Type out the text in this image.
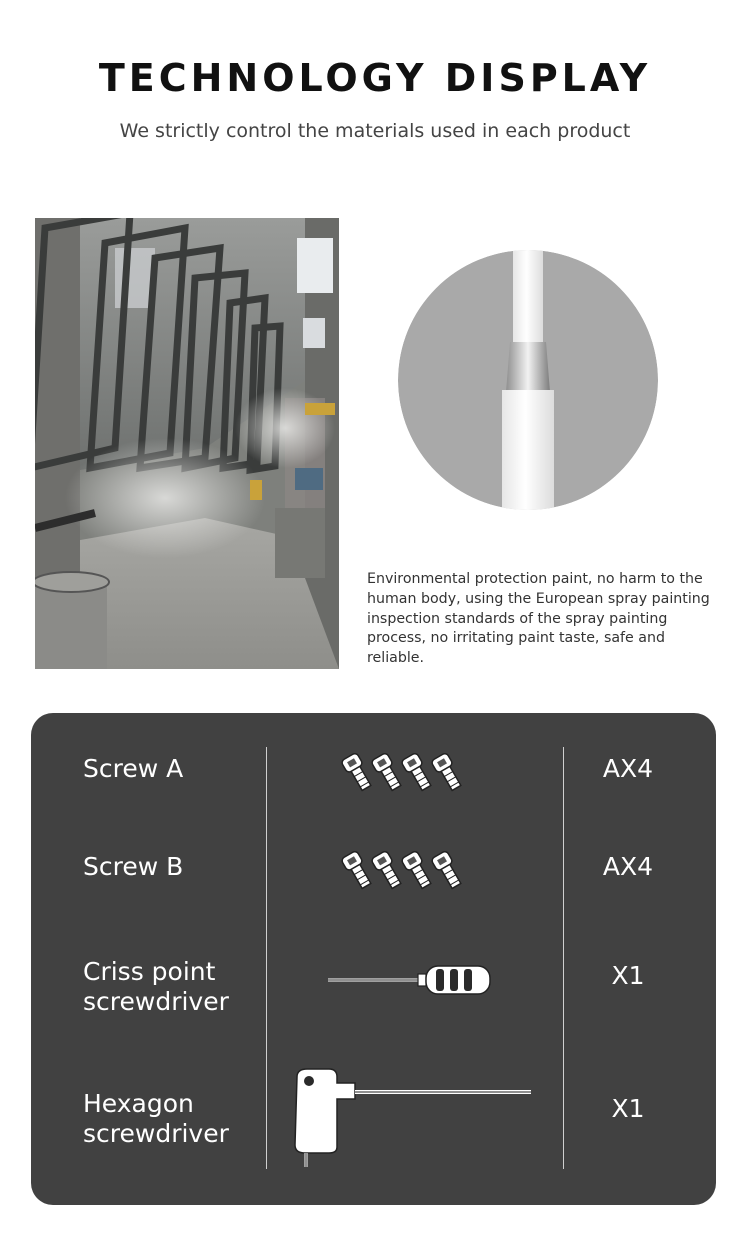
TECHNOLOGY DISPLAY
We strictly control the materials used in each product
Environmental protection paint, no harm to the human body, using the European spray painting inspection standards of the spray painting process, no irritating paint taste, safe and reliable.
Screw A	AX4
Screw B	AX4
Criss point
screwdriver
X1
Hexagon
screwdriver
X1
